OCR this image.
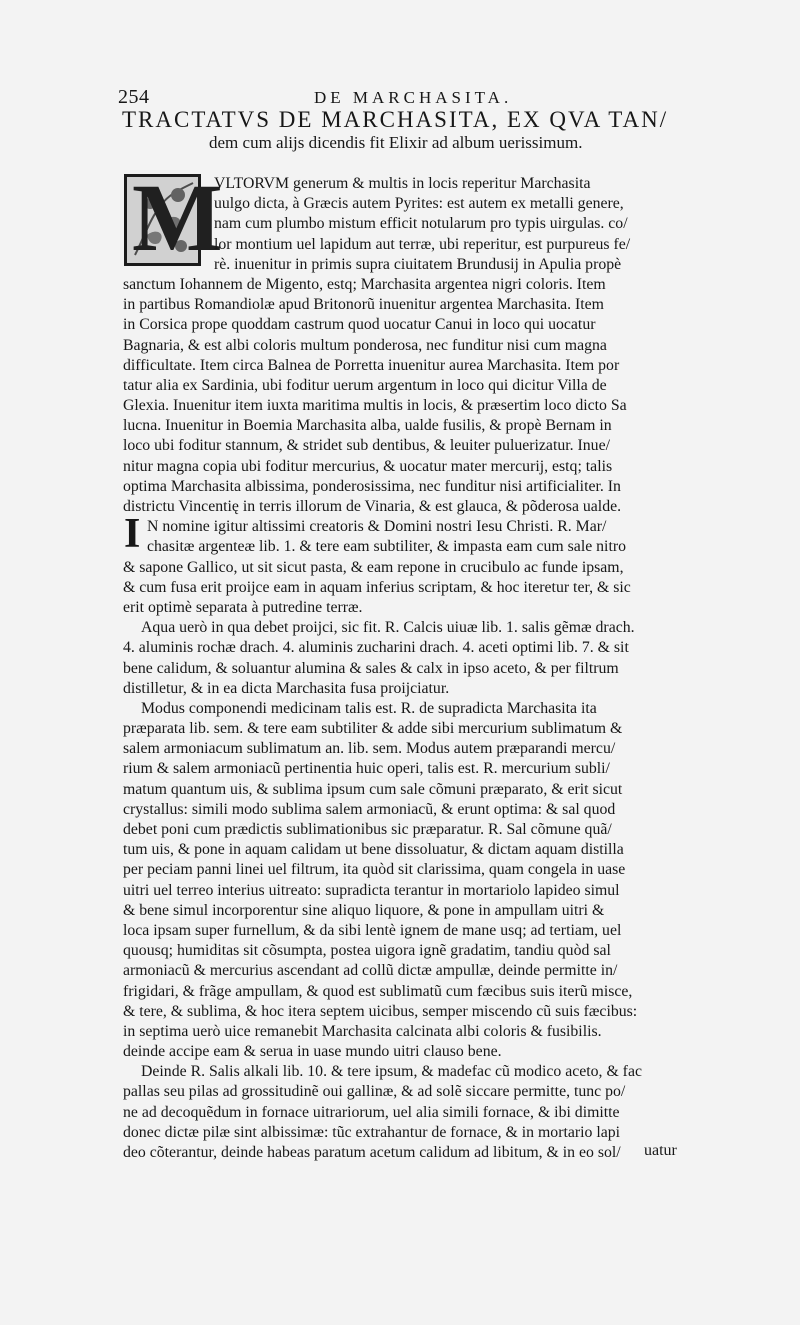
254	DE MARCHASITA.
TRACTATVS DE MARCHASITA, EX QVA TAN/
dem cum alijs dicendis fit Elixir ad album uerissimum.
M
I
VLTORVM generum & multis in locis reperitur Marchasita
uulgo dicta, à Græcis autem Pyrites: est autem ex metalli genere,
nam cum plumbo mistum efficit notularum pro typis uirgulas. co/
lor montium uel lapidum aut terræ, ubi reperitur, est purpureus fe/
rè. inuenitur in primis supra ciuitatem Brundusij in Apulia propè
sanctum Iohannem de Migento, estq; Marchasita argentea nigri coloris. Item
in partibus Romandiolæ apud Britonorũ inuenitur argentea Marchasita. Item
in Corsica prope quoddam castrum quod uocatur Canui in loco qui uocatur
Bagnaria, & est albi coloris multum ponderosa, nec funditur nisi cum magna
difficultate. Item circa Balnea de Porretta inuenitur aurea Marchasita. Item por
tatur alia ex Sardinia, ubi foditur uerum argentum in loco qui dicitur Villa de
Glexia. Inuenitur item iuxta maritima multis in locis, & præsertim loco dicto Sa
lucna. Inuenitur in Boemia Marchasita alba, ualde fusilis, & propè Bernam in
loco ubi foditur stannum, & stridet sub dentibus, & leuiter puluerizatur. Inue/
nitur magna copia ubi foditur mercurius, & uocatur mater mercurij, estq; talis
optima Marchasita albissima, ponderosissima, nec funditur nisi artificialiter. In
districtu Vincentię in terris illorum de Vinaria, & est glauca, & põderosa ualde.
N nomine igitur altissimi creatoris & Domini nostri Iesu Christi. R. Mar/
chasitæ argenteæ lib. 1. & tere eam subtiliter, & impasta eam cum sale nitro
& sapone Gallico, ut sit sicut pasta, & eam repone in crucibulo ac funde ipsam,
& cum fusa erit proijce eam in aquam inferius scriptam, & hoc iteretur ter, & sic
erit optimè separata à putredine terræ.
Aqua uerò in qua debet proijci, sic fit. R. Calcis uiuæ lib. 1. salis gẽmæ drach.
4. aluminis rochæ drach. 4. aluminis zucharini drach. 4. aceti optimi lib. 7. & sit
bene calidum, & soluantur alumina & sales & calx in ipso aceto, & per filtrum
distilletur, & in ea dicta Marchasita fusa proijciatur.
Modus componendi medicinam talis est. R. de supradicta Marchasita ita
præparata lib. sem. & tere eam subtiliter & adde sibi mercurium sublimatum &
salem armoniacum sublimatum an. lib. sem. Modus autem præparandi mercu/
rium & salem armoniacũ pertinentia huic operi, talis est. R. mercurium subli/
matum quantum uis, & sublima ipsum cum sale cõmuni præparato, & erit sicut
crystallus: simili modo sublima salem armoniacũ, & erunt optima: & sal quod
debet poni cum prædictis sublimationibus sic præparatur. R. Sal cõmune quã/
tum uis, & pone in aquam calidam ut bene dissoluatur, & dictam aquam distilla
per peciam panni linei uel filtrum, ita quòd sit clarissima, quam congela in uase
uitri uel terreo interius uitreato: supradicta terantur in mortariolo lapideo simul
& bene simul incorporentur sine aliquo liquore, & pone in ampullam uitri &
loca ipsam super furnellum, & da sibi lentè ignem de mane usq; ad tertiam, uel
quousq; humiditas sit cõsumpta, postea uigora ignẽ gradatim, tandiu quòd sal
armoniacũ & mercurius ascendant ad collũ dictæ ampullæ, deinde permitte in/
frigidari, & frãge ampullam, & quod est sublimatũ cum fæcibus suis iterũ misce,
& tere, & sublima, & hoc itera septem uicibus, semper miscendo cũ suis fæcibus:
in septima uerò uice remanebit Marchasita calcinata albi coloris & fusibilis.
deinde accipe eam & serua in uase mundo uitri clauso bene.
Deinde R. Salis alkali lib. 10. & tere ipsum, & madefac cũ modico aceto, & fac
pallas seu pilas ad grossitudinẽ oui gallinæ, & ad solẽ siccare permitte, tunc po/
ne ad decoquẽdum in fornace uitrariorum, uel alia simili fornace, & ibi dimitte
donec dictæ pilæ sint albissimæ: tũc extrahantur de fornace, & in mortario lapi
deo cõterantur, deinde habeas paratum acetum calidum ad libitum, & in eo sol/	uatur
